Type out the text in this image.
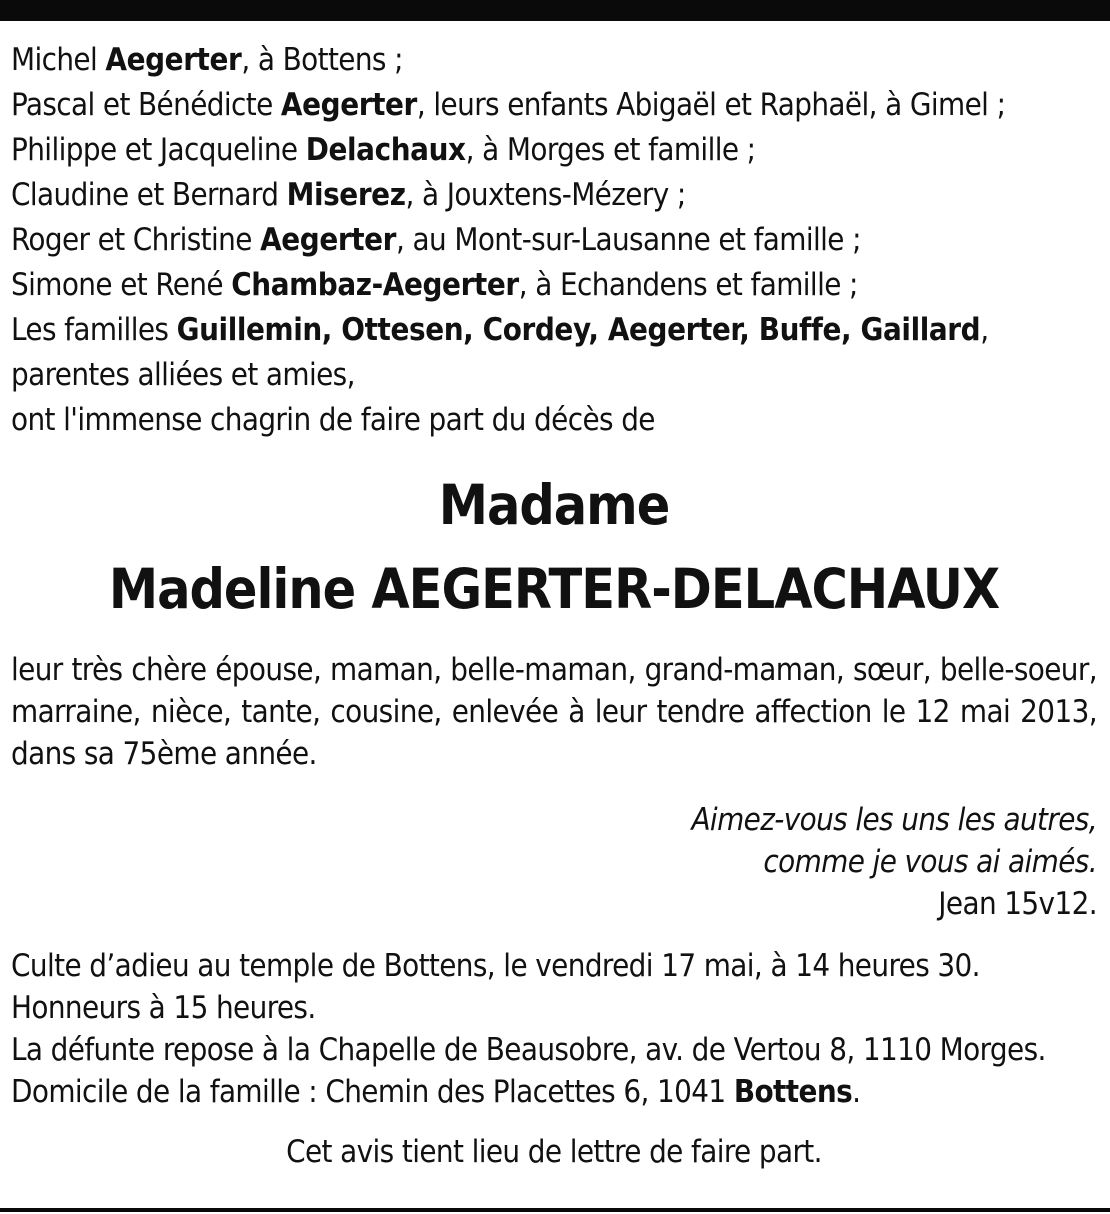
Michel Aegerter, à Bottens ;
Pascal et Bénédicte Aegerter, leurs enfants Abigaël et Raphaël, à Gimel ;
Philippe et Jacqueline Delachaux, à Morges et famille ;
Claudine et Bernard Miserez, à Jouxtens-Mézery ;
Roger et Christine Aegerter, au Mont-sur-Lausanne et famille ;
Simone et René Chambaz-Aegerter, à Echandens et famille ;
Les familles Guillemin, Ottesen, Cordey, Aegerter, Buffe, Gaillard,
parentes alliées et amies,
ont l'immense chagrin de faire part du décès de
Madame
Madeline AEGERTER-DELACHAUX
leur très chère épouse, maman, belle-maman, grand-maman, sœur, belle-soeur, marraine, nièce, tante, cousine, enlevée à leur tendre affection le 12 mai 2013, dans sa 75ème année.
Aimez-vous les uns les autres,
comme je vous ai aimés.
Jean 15v12.
Culte d’adieu au temple de Bottens, le vendredi 17 mai, à 14 heures 30.
Honneurs à 15 heures.
La défunte repose à la Chapelle de Beausobre, av. de Vertou 8, 1110 Morges.
Domicile de la famille : Chemin des Placettes 6, 1041 Bottens.
Cet avis tient lieu de lettre de faire part.
